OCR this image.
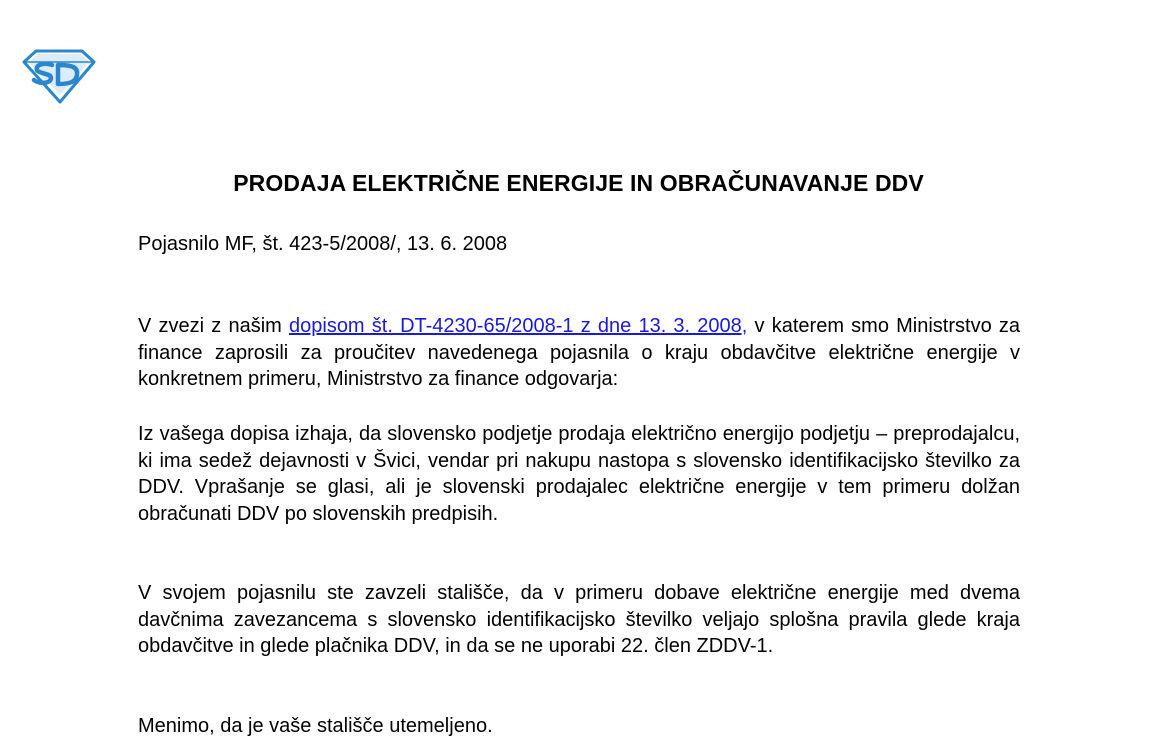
PRODAJA ELEKTRIČNE ENERGIJE IN OBRAČUNAVANJE DDV

Pojasnilo MF, št. 423-5/2008/, 13. 6. 2008

V zvezi z našim dopisom št. DT-4230-65/2008-1 z dne 13. 3. 2008, v katerem smo Ministrstvo za finance zaprosili za proučitev navedenega pojasnila o kraju obdavčitve električne energije v konkretnem primeru, Ministrstvo za finance odgovarja:

Iz vašega dopisa izhaja, da slovensko podjetje prodaja električno energijo podjetju – preprodajalcu, ki ima sedež dejavnosti v Švici, vendar pri nakupu nastopa s slovensko identifikacijsko številko za DDV. Vprašanje se glasi, ali je slovenski prodajalec električne energije v tem primeru dolžan obračunati DDV po slovenskih predpisih.

V svojem pojasnilu ste zavzeli stališče, da v primeru dobave električne energije med dvema davčnima zavezancema s slovensko identifikacijsko številko veljajo splošna pravila glede kraja obdavčitve in glede plačnika DDV, in da se ne uporabi 22. člen ZDDV-1.

Menimo, da je vaše stališče utemeljeno.
